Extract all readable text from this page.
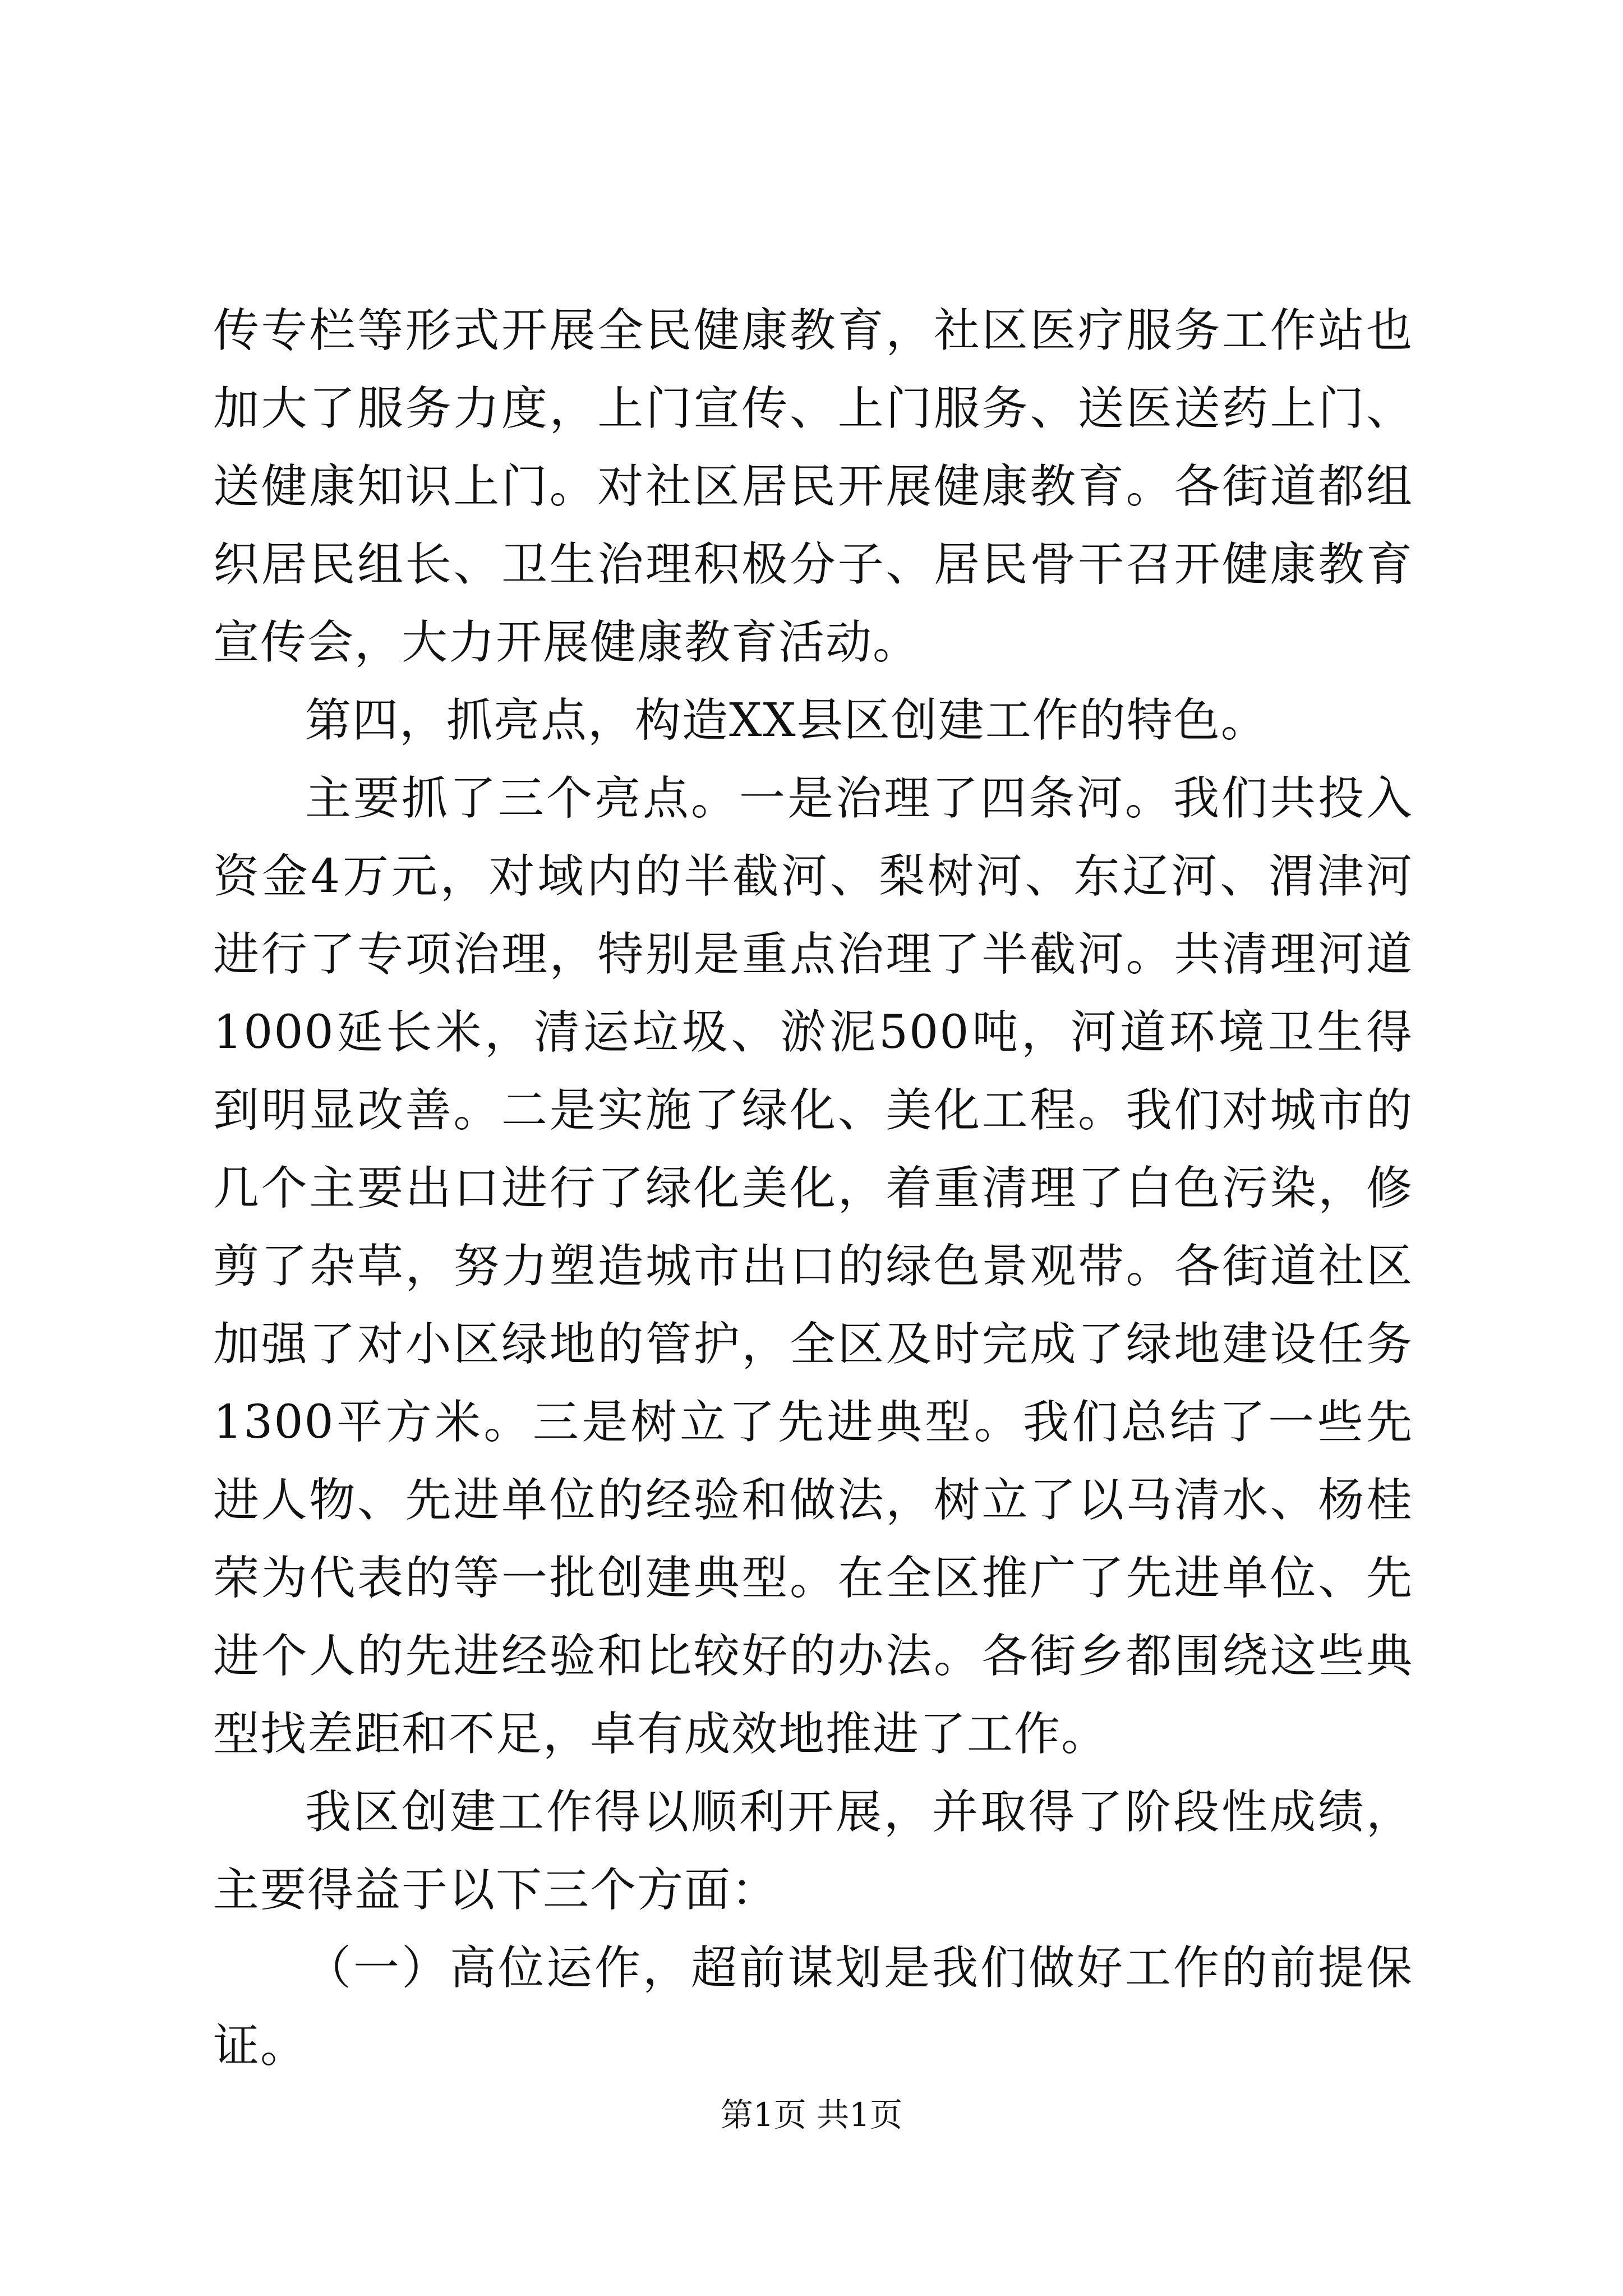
传专栏等形式开展全民健康教育，社区医疗服务工作站也加大了服务力度，上门宣传、上门服务、送医送药上门、送健康知识上门。对社区居民开展健康教育。各街道都组织居民组长、卫生治理积极分子、居民骨干召开健康教育宣传会，大力开展健康教育活动。

第四，抓亮点，构造XX县区创建工作的特色。

主要抓了三个亮点。一是治理了四条河。我们共投入资金4万元，对域内的半截河、梨树河、东辽河、渭津河进行了专项治理，特别是重点治理了半截河。共清理河道1000延长米，清运垃圾、淤泥500吨，河道环境卫生得到明显改善。二是实施了绿化、美化工程。我们对城市的几个主要出口进行了绿化美化，着重清理了白色污染，修剪了杂草，努力塑造城市出口的绿色景观带。各街道社区加强了对小区绿地的管护，全区及时完成了绿地建设任务1300平方米。三是树立了先进典型。我们总结了一些先进人物、先进单位的经验和做法，树立了以马清水、杨桂荣为代表的等一批创建典型。在全区推广了先进单位、先进个人的先进经验和比较好的办法。各街乡都围绕这些典型找差距和不足，卓有成效地推进了工作。

我区创建工作得以顺利开展，并取得了阶段性成绩，主要得益于以下三个方面：

（一）高位运作，超前谋划是我们做好工作的前提保证。

第1页 共1页
